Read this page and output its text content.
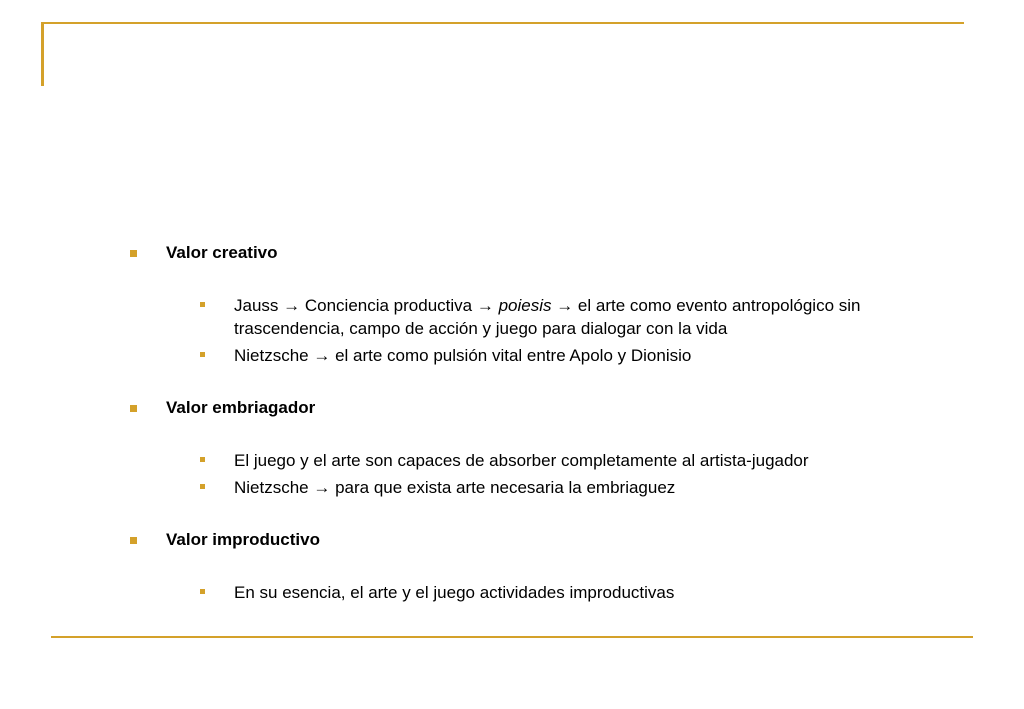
Valor creativo
Jauss → Conciencia productiva → poiesis → el arte como evento antropológico sin trascendencia, campo de acción y juego para dialogar con la vida
Nietzsche → el arte como pulsión vital entre Apolo y Dionisio
Valor embriagador
El juego y el arte son capaces de absorber completamente al artista-jugador
Nietzsche → para que exista arte necesaria la embriaguez
Valor improductivo
En su esencia, el arte y el juego actividades improductivas
